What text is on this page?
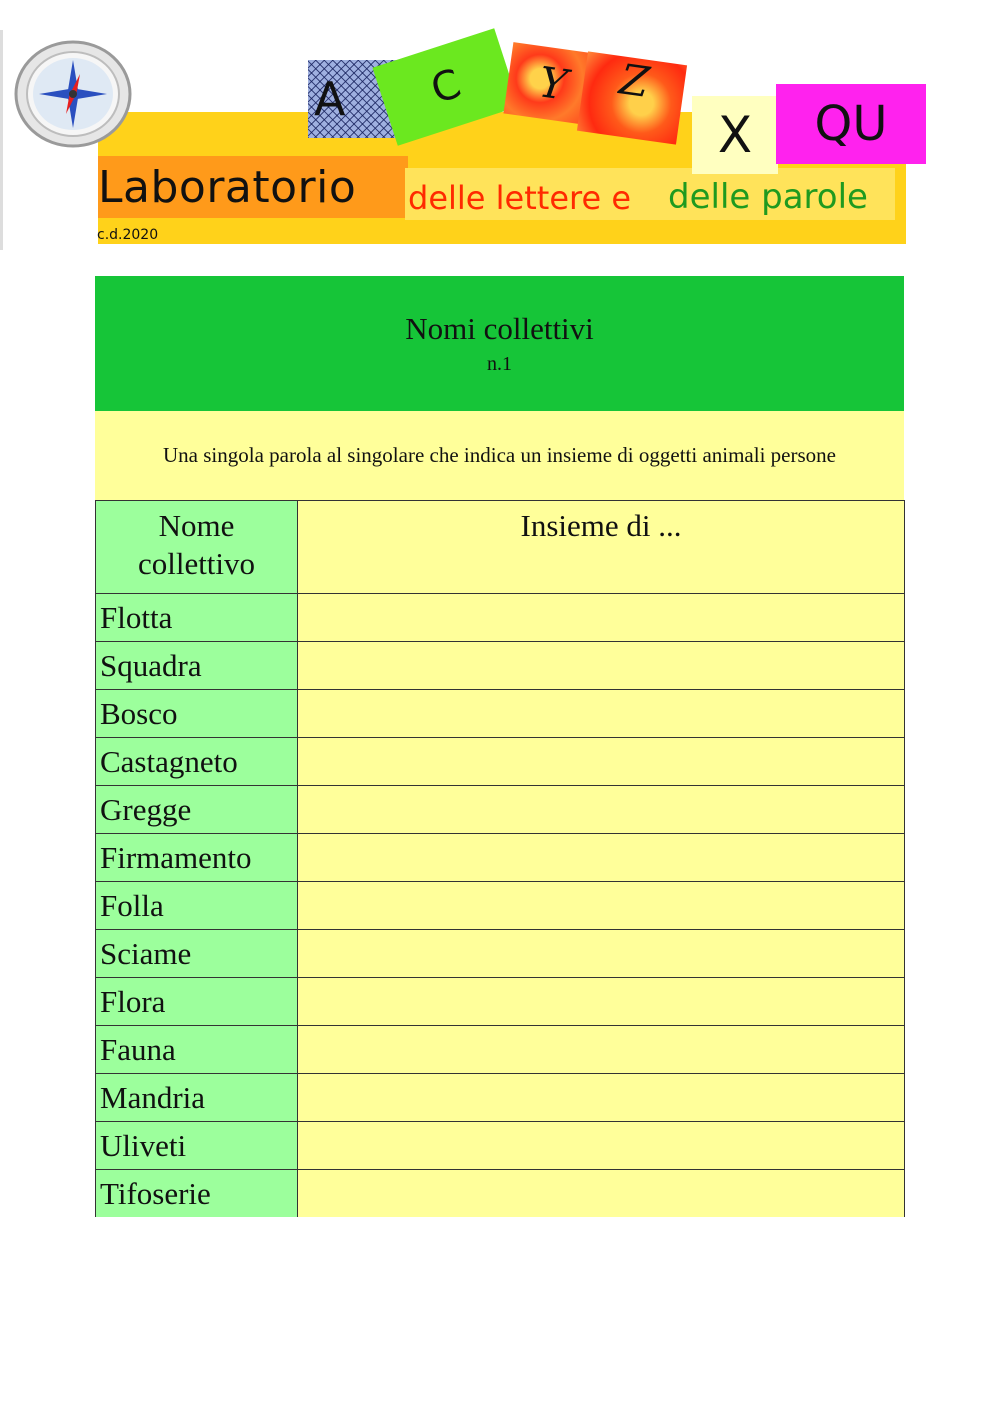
A C Y Z
X QU
Laboratorio delle lettere e delle parole
c.d.2020
Nomi collettivi
n.1
Una singola parola al singolare che indica un insieme di oggetti animali persone
Nome
collettivo	Insieme di ...
Flotta	
Squadra	
Bosco	
Castagneto	
Gregge	
Firmamento	
Folla	
Sciame	
Flora	
Fauna	
Mandria	
Uliveti	
Tifoserie	
